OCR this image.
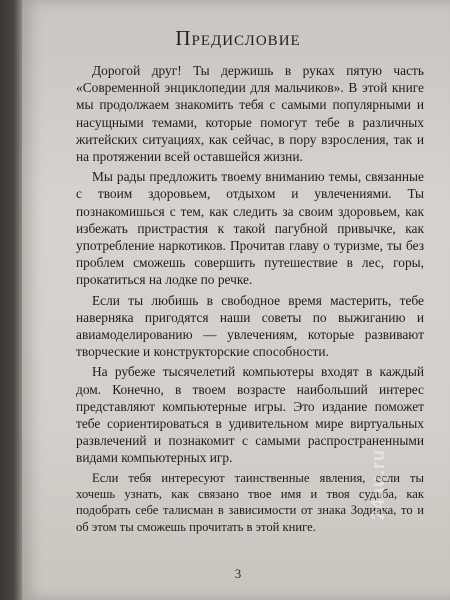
Предисловие

Дорогой друг! Ты держишь в руках пятую часть «Современной энциклопедии для мальчиков». В этой книге мы продолжаем знакомить тебя с самыми популярными и насущными темами, которые помогут тебе в различных житейских ситуациях, как сейчас, в пору взросления, так и на протяжении всей оставшейся жизни.

Мы рады предложить твоему вниманию темы, связанные с твоим здоровьем, отдыхом и увлечениями. Ты познакомишься с тем, как следить за своим здоровьем, как избежать пристрастия к такой пагубной привычке, как употребление наркотиков. Прочитав главу о туризме, ты без проблем сможешь совершить путешествие в лес, горы, прокатиться на лодке по речке.

Если ты любишь в свободное время мастерить, тебе наверняка пригодятся наши советы по выжиганию и авиамоделированию — увлечениям, которые развивают творческие и конструкторские способности.

На рубеже тысячелетий компьютеры входят в каждый дом. Конечно, в твоем возрасте наибольший интерес представляют компьютерные игры. Это издание поможет тебе сориентироваться в удивительном мире виртуальных развлечений и познакомит с самыми распространенными видами компьютерных игр.

Если тебя интересуют таинственные явления, если ты хочешь узнать, как связано твое имя и твоя судьба, как подобрать себе талисман в зависимости от знака Зодиака, то и об этом ты сможешь прочитать в этой книге.

3
24au.ru
